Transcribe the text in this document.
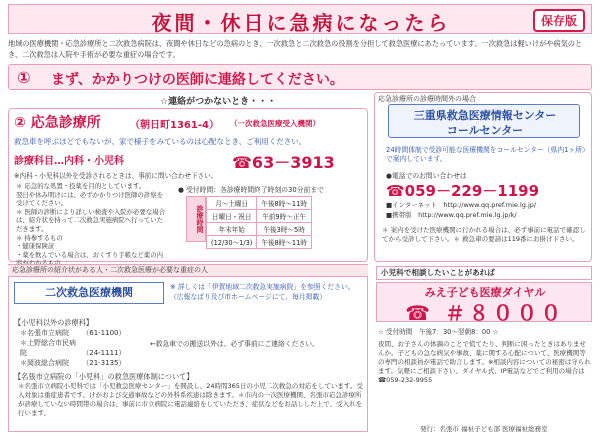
夜間・休日に急病になったら	保存版
地域の医療機関・応急診療所と二次救急病院は、夜間や休日などの急病のとき、一次救急と二次救急の役割を分担して救急医療にあたっています。一次救急は軽いけがや病気のとき、二次救急は入院や手術が必要な重症の場合です。
① まず、かかりつけの医師に連絡してください。
☆連絡がつかないとき・・・
② 応急診療所	（朝日町1361-4） （一次救急医療受入機関）
救急車を呼ぶほどでもないが、家で様子をみているのは心配なとき、ご利用ください。
診療科目…内科・小児科	☎63－3913
※内科・小児科以外を受診されるときは、事前に問い合わせ下さい。
＊ 応急的な処置・投薬を目的としています。
翌日や休み明けには、必ずかかりつけ医師の診察を受けてください。
＊ 医師の診断により詳しい検査や入院が必要な場合は、紹介状を持って二次救急実施病院へ行っていただきます。
＊ 持参するもの
・健康保険証
・薬を飲んでいる場合は、おくすり手帳など薬の内
● 受付時間：各診療時間終了時刻の30分前まで
診療時間
月～土曜日	午後8時～11時
日曜日・祝日	午前9時～正午
年末年始	午後3時～5時
(12/30～1/3)	午後8時～11時
応急診療所の診療時間外の場合
三重県救急医療情報センター
コールセンター
24時間体制で受診可能な医療機関をコールセンター（県内1ヶ所）で案内しています。
●電話でのお問い合わせは
☎059－229－1199
■インターネット　http://www.qq.pref.mie.lg.jp/
■携帯版　http://www.qq.pref.mie.lg.jp/k/
＊ 案内を受けた医療機関に行かれる場合は、必ず事前に電話で確認してから受診して下さい。＊ 救急車の要請は119番にお掛け下さい。
応急診療所の紹介状がある人・二次救急医療が必要な重症の人
二次救急医療機関	※ 詳しくは「伊賀地域二次救急実施病院」を参照ください。（広報なばり及び市ホームページにて、毎月掲載）
【小児科以外の診療科】
＊名張市立病院 （61-1100）
＊上野総合市民病院	（24-1111）
＊岡波総合病院 （21-3135）
←救急車での搬送以外は、必ず事前にご連絡ください。
【名張市立病院の「小児科」の救急医療体制について】
＊名張市立病院小児科では「小児救急医療センター」を開設し、24時間365日の小児二次救急の対応をしています。受入対象は重症患者です。けがおよび交通事故などの外科系疾患は除きます。＊市内の一次医療機関、名張市応急診療所が診療していない時間帯の場合は、事前に市立病院に電話連絡をしていただき、症状などをお話しした上で、受入れを行います。
小児科で相談したいことがあれば
みえ子ども医療ダイヤル
☎ ＃８０００
☆ 受付時間　午後7：30～翌朝8：00 ☆
夜間、お子さんの体調のことで慌てたり、判断に困ったときはありませんか。子どもの急な病気や事故、薬に関する心配について、医療機関等の専門の相談員が電話で助言します。※相談内容についての秘密は守られます。気軽にご相談下さい。ダイヤル式、IP電話などでご利用の場合は ☎059-232-9955
発行：名張市 福祉子ども部 医療福祉総務室
